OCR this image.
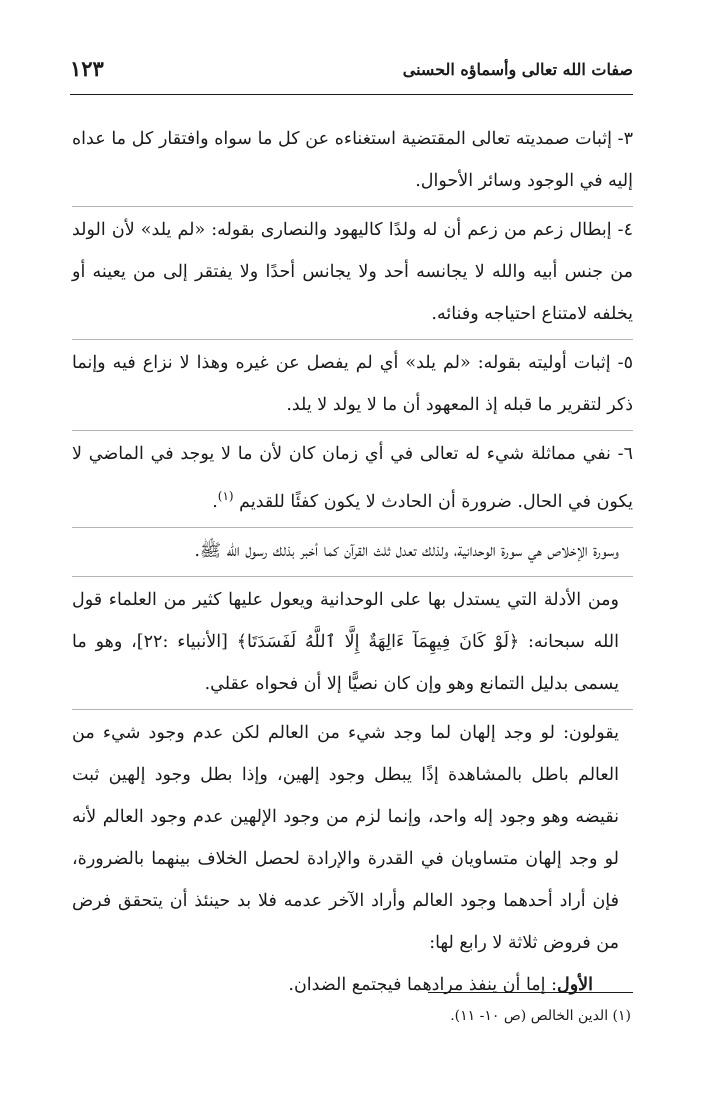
صفات الله تعالى وأسماؤه الحسنى
١٢٣

٣- إثبات صمديته تعالى المقتضية استغناءه عن كل ما سواه وافتقار كل ما عداه إليه في الوجود وسائر الأحوال.

٤- إبطال زعم من زعم أن له ولدًا كاليهود والنصارى بقوله: «لم يلد» لأن الولد من جنس أبيه والله لا يجانسه أحد ولا يجانس أحدًا ولا يفتقر إلى من يعينه أو يخلفه لامتناع احتياجه وفنائه.

٥- إثبات أوليته بقوله: «لم يلد» أي لم يفصل عن غيره وهذا لا نزاع فيه وإنما ذكر لتقرير ما قبله إذ المعهود أن ما لا يولد لا يلد.

٦- نفي مماثلة شيء له تعالى في أي زمان كان لأن ما لا يوجد في الماضي لا يكون في الحال. ضرورة أن الحادث لا يكون كفئًا للقديم $^{(١)}$.

وسورة الإخلاص هي سورة الوحدانية، ولذلك تعدل ثلث القرآن كما أخبر بذلك رسول الله ﷺ.

ومن الأدلة التي يستدل بها على الوحدانية ويعول عليها كثير من العلماء قول الله سبحانه: ﴿لَوْ كَانَ فِيهِمَآ ءَالِهَةٌ إِلَّا ٱللَّهُ لَفَسَدَتَا﴾ [الأنبياء :٢٢]، وهو ما يسمى بدليل التمانع وهو وإن كان نصيًّا إلا أن فحواه عقلي.

يقولون: لو وجد إلهان لما وجد شيء من العالم لكن عدم وجود شيء من العالم باطل بالمشاهدة إذًا يبطل وجود إلهين، وإذا بطل وجود إلهين ثبت نقيضه وهو وجود إله واحد، وإنما لزم من وجود الإلهين عدم وجود العالم لأنه لو وجد إلهان متساويان في القدرة والإرادة لحصل الخلاف بينهما بالضرورة، فإن أراد أحدهما وجود العالم وأراد الآخر عدمه فلا بد حينئذ أن يتحقق فرض من فروض ثلاثة لا رابع لها:

الأول: إما أن ينفذ مرادهما فيجتمع الضدان.

(١) الدين الخالص (ص ١٠- ١١).
